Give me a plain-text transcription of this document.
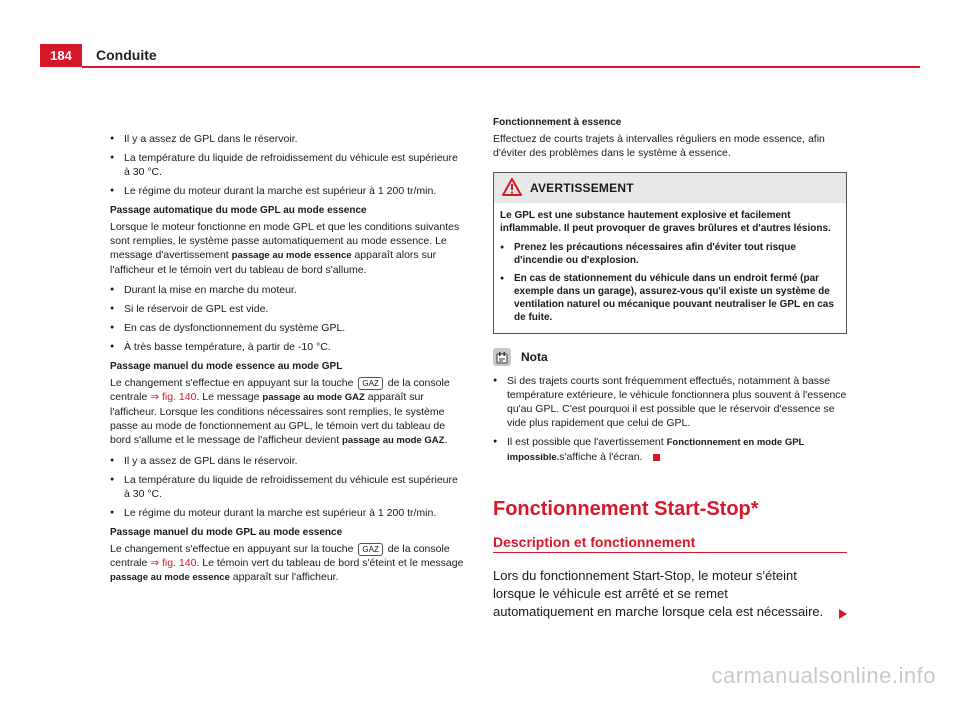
184	Conduite
● Il y a assez de GPL dans le réservoir.
● La température du liquide de refroidissement du véhicule est supérieure à 30 °C.
● Le régime du moteur durant la marche est supérieur à 1 200 tr/min.
Passage automatique du mode GPL au mode essence

Lorsque le moteur fonctionne en mode GPL et que les conditions suivantes sont remplies, le système passe automatiquement au mode essence. Le message d'avertissement passage au mode essence apparaît alors sur l'afficheur et le témoin vert du tableau de bord s'allume.

● Durant la mise en marche du moteur.
● Si le réservoir de GPL est vide.
● En cas de dysfonctionnement du système GPL.
● À très basse température, à partir de -10 °C.
Passage manuel du mode essence au mode GPL

Le changement s'effectue en appuyant sur la touche GAZ de la console centrale ⇒ fig. 140. Le message passage au mode GAZ apparaît sur l'afficheur. Lorsque les conditions nécessaires sont remplies, le système passe au mode de fonctionnement au GPL, le témoin vert du tableau de bord s'allume et le message de l'afficheur devient passage au mode GAZ.

● Il y a assez de GPL dans le réservoir.
● La température du liquide de refroidissement du véhicule est supérieure à 30 °C.
● Le régime du moteur durant la marche est supérieur à 1 200 tr/min.
Passage manuel du mode GPL au mode essence

Le changement s'effectue en appuyant sur la touche GAZ de la console centrale ⇒ fig. 140. Le témoin vert du tableau de bord s'éteint et le message passage au mode essence apparaît sur l'afficheur.

Fonctionnement à essence

Effectuez de courts trajets à intervalles réguliers en mode essence, afin d'éviter des problèmes dans le système à essence.

AVERTISSEMENT

Le GPL est une substance hautement explosive et facilement inflammable. Il peut provoquer de graves brûlures et d'autres lésions.

● Prenez les précautions nécessaires afin d'éviter tout risque d'incendie ou d'explosion.
● En cas de stationnement du véhicule dans un endroit fermé (par exemple dans un garage), assurez-vous qu'il existe un système de ventilation naturel ou mécanique pouvant neutraliser le GPL en cas de fuite.
Nota
● Si des trajets courts sont fréquemment effectués, notamment à basse température extérieure, le véhicule fonctionnera plus souvent à l'essence qu'au GPL. C'est pourquoi il est possible que le réservoir d'essence se vide plus rapidement que celui de GPL.
● Il est possible que l'avertissement Fonctionnement en mode GPL impossible.s'affiche à l'écran.
Fonctionnement Start-Stop*
Description et fonctionnement
Lors du fonctionnement Start-Stop, le moteur s'éteint lorsque le véhicule est arrêté et se remet automatiquement en marche lorsque cela est nécessaire.
carmanualsonline.info
